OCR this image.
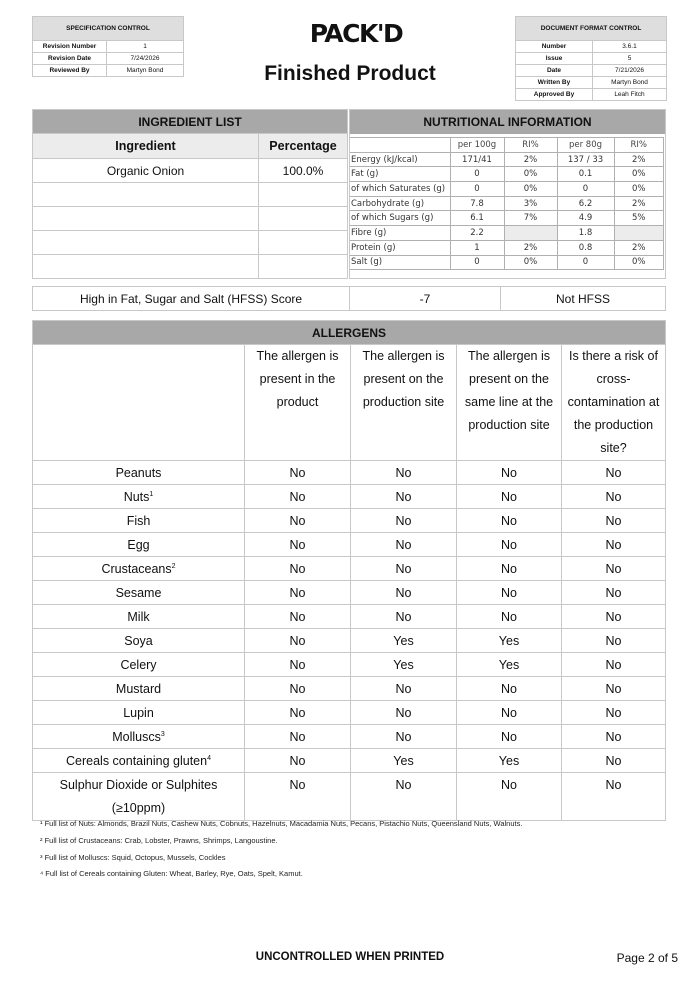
SPECIFICATION CONTROL	
Revision Number	1
Revision Date	7/24/2026
Reviewed By	Martyn Bond
PACK'D
Finished Product
DOCUMENT FORMAT CONTROL	
Number	3.6.1
Issue	5
Date	7/21/2026
Written By	Martyn Bond
Approved By	Leah Fitch
INGREDIENT LIST	
Ingredient	Percentage
Organic Onion	100.0%

NUTRITIONAL INFORMATION
	per 100g	RI%	per 80g	RI%
Energy (kJ/kcal)	171/41	2%	137 / 33	2%
Fat (g)	0	0%	0.1	0%
of which Saturates (g)	0	0%	0	0%
Carbohydrate (g)	7.8	3%	6.2	2%
of which Sugars (g)	6.1	7%	4.9	5%
Fibre (g)	2.2		1.8	
Protein (g)	1	2%	0.8	2%
Salt (g)	0	0%	0	0%
High in Fat, Sugar and Salt (HFSS) Score	-7	Not HFSS
ALLERGENS				
	The allergen is present in the product	The allergen is present on the production site	The allergen is present on the same line at the production site	Is there a risk of cross-contamination at the production site?
Peanuts	No	No	No	No
Nuts$^1$	No	No	No	No
Fish	No	No	No	No
Egg	No	No	No	No
Crustaceans$^2$	No	No	No	No
Sesame	No	No	No	No
Milk	No	No	No	No
Soya	No	Yes	Yes	No
Celery	No	Yes	Yes	No
Mustard	No	No	No	No
Lupin	No	No	No	No
Molluscs$^3$	No	No	No	No
Cereals containing gluten$^4$	No	Yes	Yes	No
Sulphur Dioxide or Sulphites (≥10ppm)	No	No	No	No

¹ Full list of Nuts: Almonds, Brazil Nuts, Cashew Nuts, Cobnuts, Hazelnuts, Macadamia Nuts, Pecans, Pistachio Nuts, Queensland Nuts, Walnuts.

² Full list of Crustaceans: Crab, Lobster, Prawns, Shrimps, Langoustine.

³ Full list of Molluscs: Squid, Octopus, Mussels, Cockles

⁴ Full list of Cereals containing Gluten: Wheat, Barley, Rye, Oats, Spelt, Kamut.

UNCONTROLLED WHEN PRINTED	Page 2 of 5
